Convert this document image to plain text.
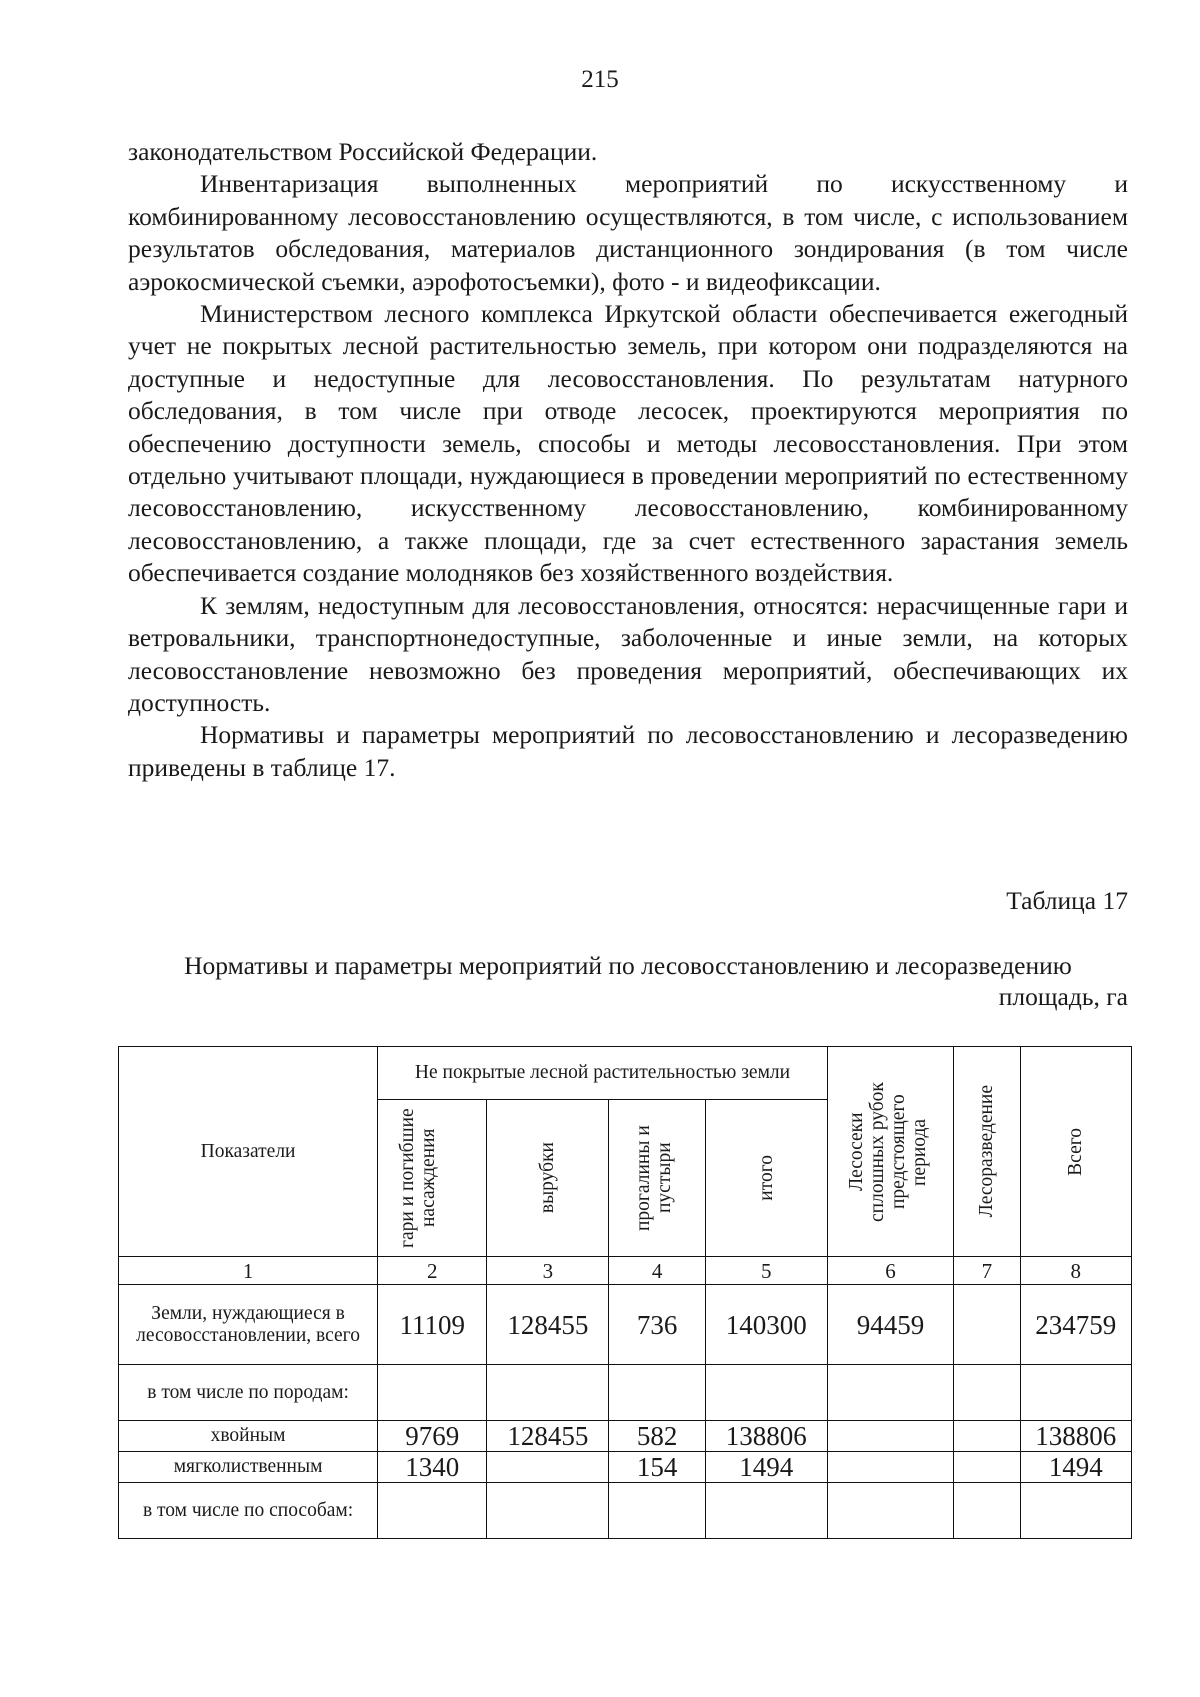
215

законодательством Российской Федерации.

Инвентаризация выполненных мероприятий по искусственному и комбинированному лесовосстановлению осуществляются, в том числе, с использованием результатов обследования, материалов дистанционного зондирования (в том числе аэрокосмической съемки, аэрофотосъемки), фото - и видеофиксации.

Министерством лесного комплекса Иркутской области обеспечивается ежегодный учет не покрытых лесной растительностью земель, при котором они подразделяются на доступные и недоступные для лесовосстановления. По результатам натурного обследования, в том числе при отводе лесосек, проектируются мероприятия по обеспечению доступности земель, способы и методы лесовосстановления. При этом отдельно учитывают площади, нуждающиеся в проведении мероприятий по естественному лесовосстановлению, искусственному лесовосстановлению, комбинированному лесовосстановлению, а также площади, где за счет естественного зарастания земель обеспечивается создание молодняков без хозяйственного воздействия.

К землям, недоступным для лесовосстановления, относятся: нерасчищенные гари и ветровальники, транспортнонедоступные, заболоченные и иные земли, на которых лесовосстановление невозможно без проведения мероприятий, обеспечивающих их доступность.

Нормативы и параметры мероприятий по лесовосстановлению и лесоразведению приведены в таблице 17.

Таблица 17
Нормативы и параметры мероприятий по лесовосстановлению и лесоразведению
площадь, га
Показатели	Не покрытые лесной растительностью земли				Лесосеки сплошных рубок предстоящего периода	Лесоразведение	Всего

	гари и погибшие насаждения	вырубки	прогалины и пустыри	итого			

1	2	3	4	5	6	7	8
Земли, нуждающиеся в лесовосстановлении, всего	11109	128455	736	140300	94459		234759
в том числе по породам:							
хвойным	9769	128455	582	138806			138806
мягколиственным	1340		154	1494			1494
в том числе по способам:							
